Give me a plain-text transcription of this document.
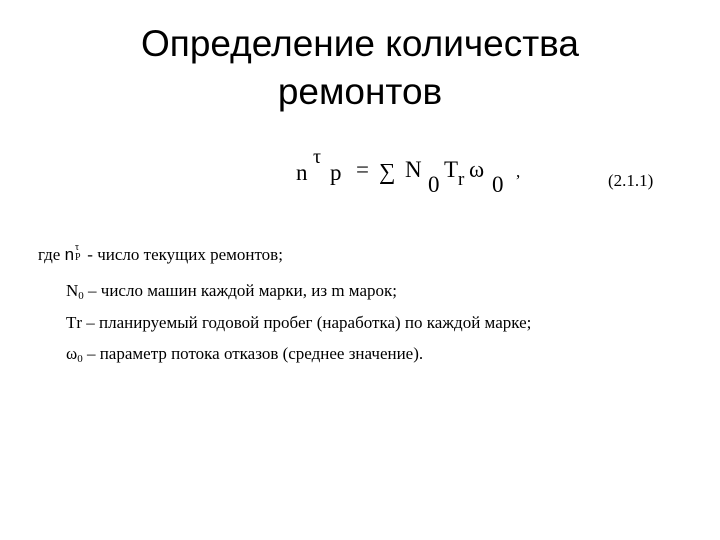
Определение количества
ремонтов
n
τ
p = ∑ N
0
T r ω
0
,	(2.1.1)
где n τ
P - число текущих ремонтов;
$N_0$ – число машин каждой марки, из m марок;
Тr – планируемый годовой пробег (наработка) по каждой марке;
$\omega_0$ – параметр потока отказов (среднее значение).
